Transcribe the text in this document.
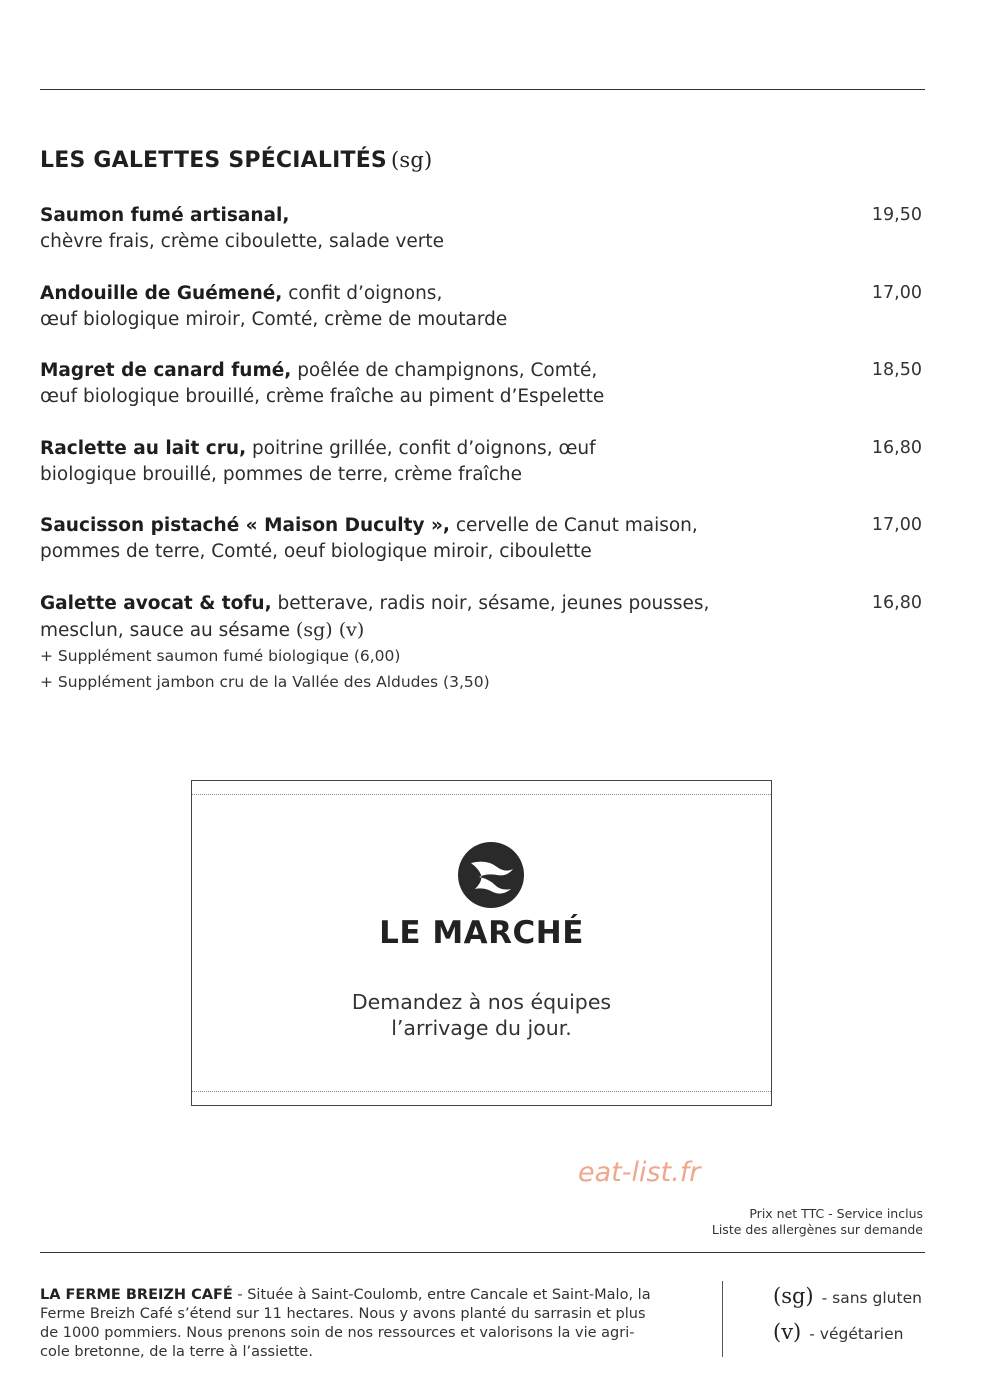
LES GALETTES SPÉCIALITÉS (sg)
Saumon fumé artisanal,
chèvre frais, crème ciboulette, salade verte
19,50
Andouille de Guémené, confit d’oignons,
œuf biologique miroir, Comté, crème de moutarde
17,00
Magret de canard fumé, poêlée de champignons, Comté,
œuf biologique brouillé, crème fraîche au piment d’Espelette
18,50
Raclette au lait cru, poitrine grillée, confit d’oignons, œuf
biologique brouillé, pommes de terre, crème fraîche
16,80
Saucisson pistaché « Maison Duculty », cervelle de Canut maison,
pommes de terre, Comté, oeuf biologique miroir, ciboulette
17,00
Galette avocat & tofu, betterave, radis noir, sésame, jeunes pousses,
mesclun, sauce au sésame (sg) (v)
16,80
+ Supplément saumon fumé biologique (6,00)
+ Supplément jambon cru de la Vallée des Aldudes (3,50)
LE MARCHÉ
Demandez à nos équipes
l’arrivage du jour.
eat-list.fr
Prix net TTC - Service inclus
Liste des allergènes sur demande
LA FERME BREIZH CAFÉ - Située à Saint-Coulomb, entre Cancale et Saint-Malo, la
Ferme Breizh Café s’étend sur 11 hectares. Nous y avons planté du sarrasin et plus
de 1000 pommiers. Nous prenons soin de nos ressources et valorisons la vie agri-
cole bretonne, de la terre à l’assiette.
(sg) - sans gluten
(v) - végétarien
